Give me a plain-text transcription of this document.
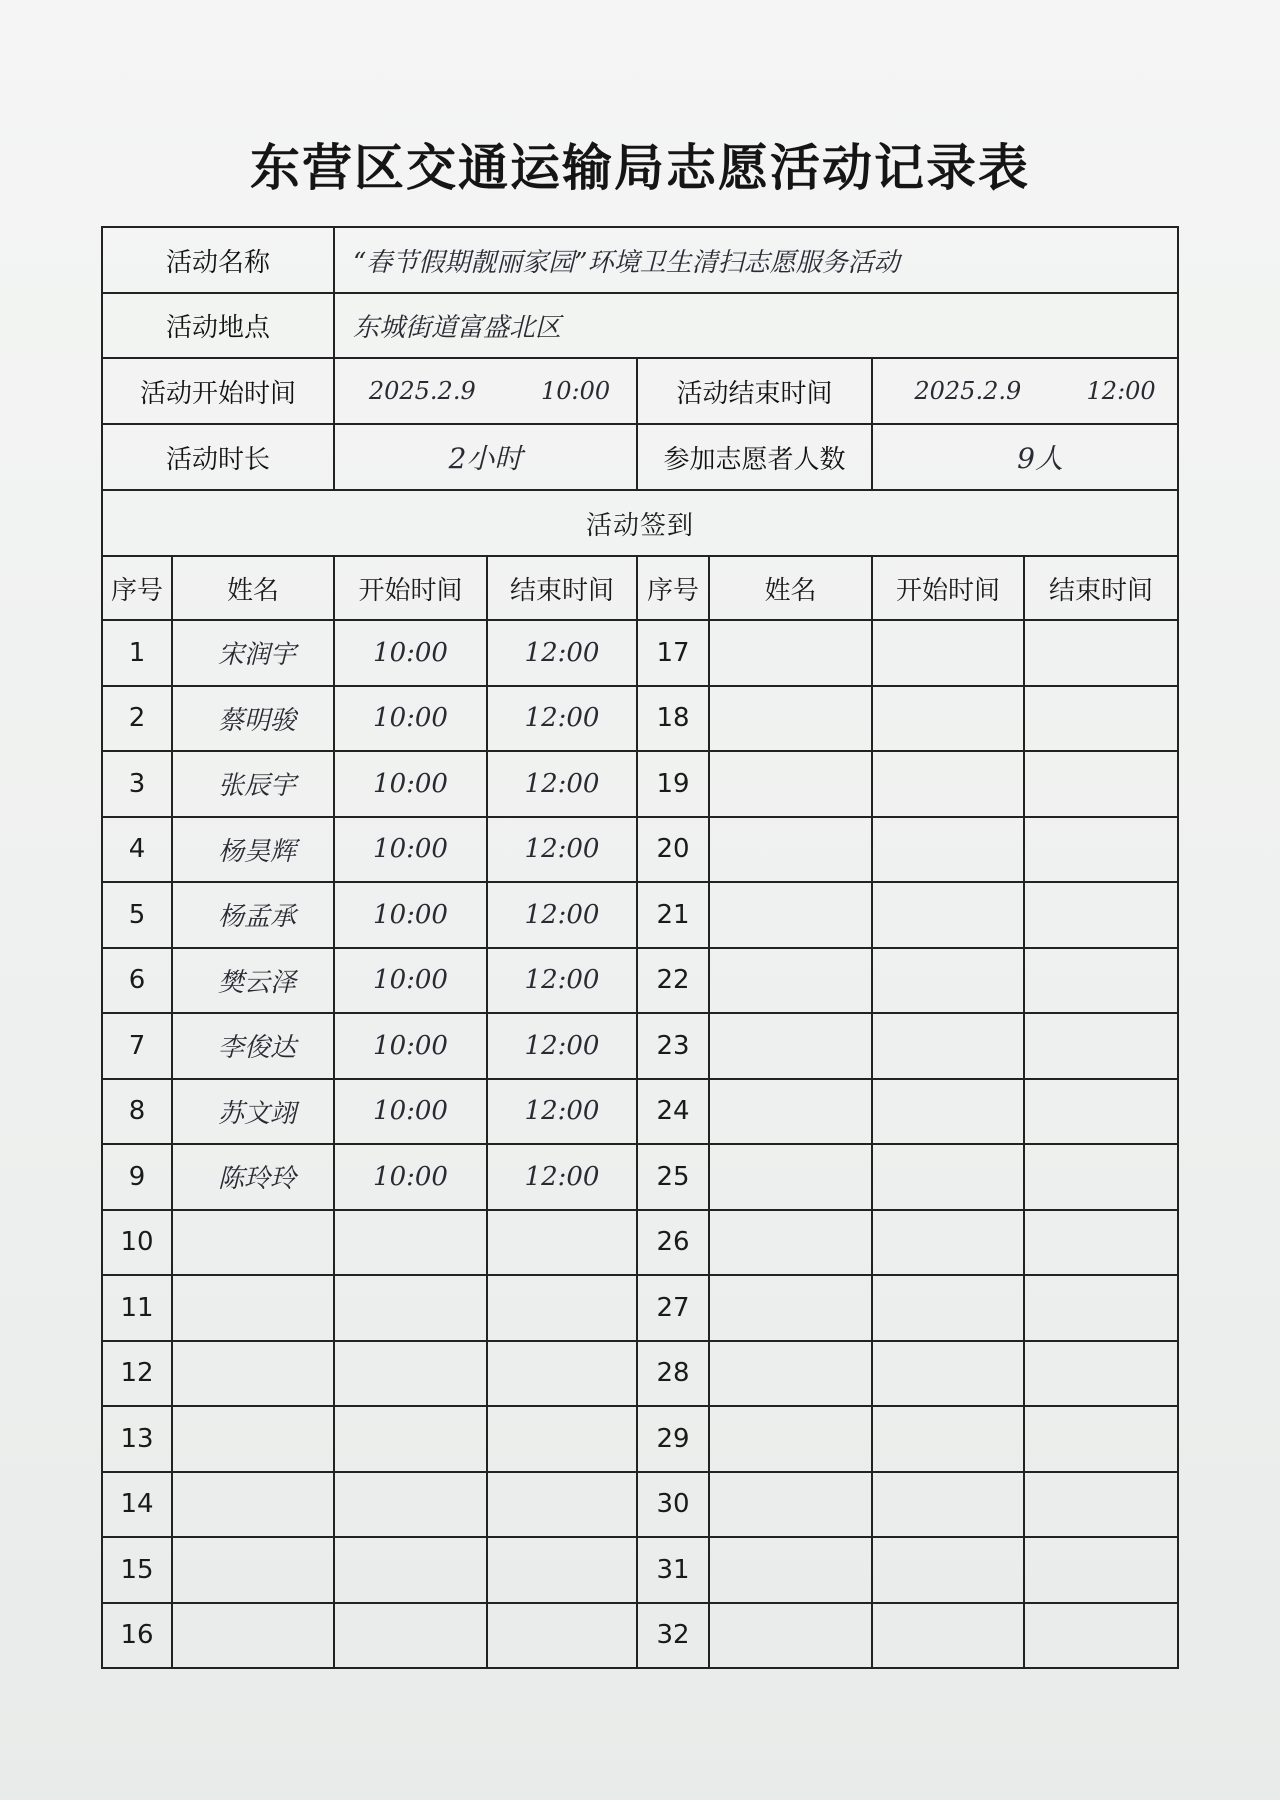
东营区交通运输局志愿活动记录表
活动名称		“春节假期靓丽家园”环境卫生清扫志愿服务活动					
活动地点		东城街道富盛北区					
活动开始时间		2025.2.9 10:00		活动结束时间		2025.2.9 12:00	
活动时长		2小时		参加志愿者人数		9人	
活动签到							
序号	姓名	开始时间	结束时间	序号	姓名	开始时间	结束时间
1	宋润宇	10:00	12:00	17			
2	蔡明骏	10:00	12:00	18			
3	张辰宇	10:00	12:00	19			
4	杨昊辉	10:00	12:00	20			
5	杨孟承	10:00	12:00	21			
6	樊云泽	10:00	12:00	22			
7	李俊达	10:00	12:00	23			
8	苏文翊	10:00	12:00	24			
9	陈玲玲	10:00	12:00	25			
10				26			
11				27			
12				28			
13				29			
14				30			
15				31			
16				32			
